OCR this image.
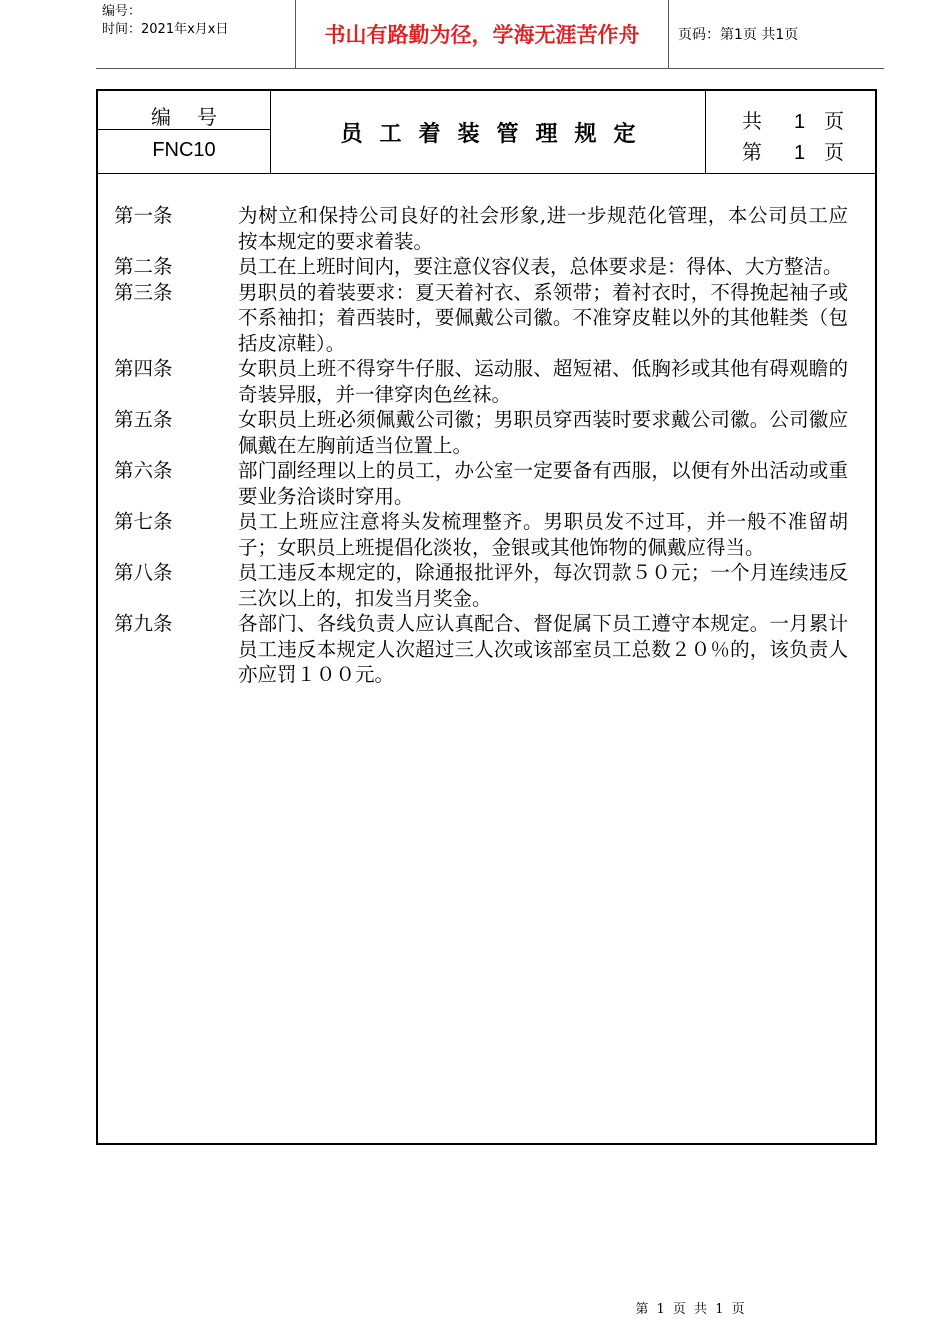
编号：
时间：2021年x月x日	书山有路勤为径，学海无涯苦作舟	页码：第1页 共1页
编号
FNC10
员工着装管理规定	共 1 页
第 1 页
第一条	为树立和保持公司良好的社会形象,进一步规范化管理，本公司员工应按本规定的要求着装。
第二条	员工在上班时间内，要注意仪容仪表，总体要求是：得体、大方整洁。
第三条	男职员的着装要求：夏天着衬衣、系领带；着衬衣时，不得挽起袖子或不系袖扣；着西装时，要佩戴公司徽。不准穿皮鞋以外的其他鞋类（包括皮凉鞋）。
第四条	女职员上班不得穿牛仔服、运动服、超短裙、低胸衫或其他有碍观瞻的奇装异服，并一律穿肉色丝袜。
第五条	女职员上班必须佩戴公司徽；男职员穿西装时要求戴公司徽。公司徽应佩戴在左胸前适当位置上。
第六条	部门副经理以上的员工，办公室一定要备有西服，以便有外出活动或重要业务洽谈时穿用。
第七条	员工上班应注意将头发梳理整齐。男职员发不过耳，并一般不准留胡子；女职员上班提倡化淡妆，金银或其他饰物的佩戴应得当。
第八条	员工违反本规定的，除通报批评外，每次罚款５０元；一个月连续违反三次以上的，扣发当月奖金。
第九条	各部门、各线负责人应认真配合、督促属下员工遵守本规定。一月累计员工违反本规定人次超过三人次或该部室员工总数２０％的，该负责人亦应罚１００元。
第 1 页 共 1 页
